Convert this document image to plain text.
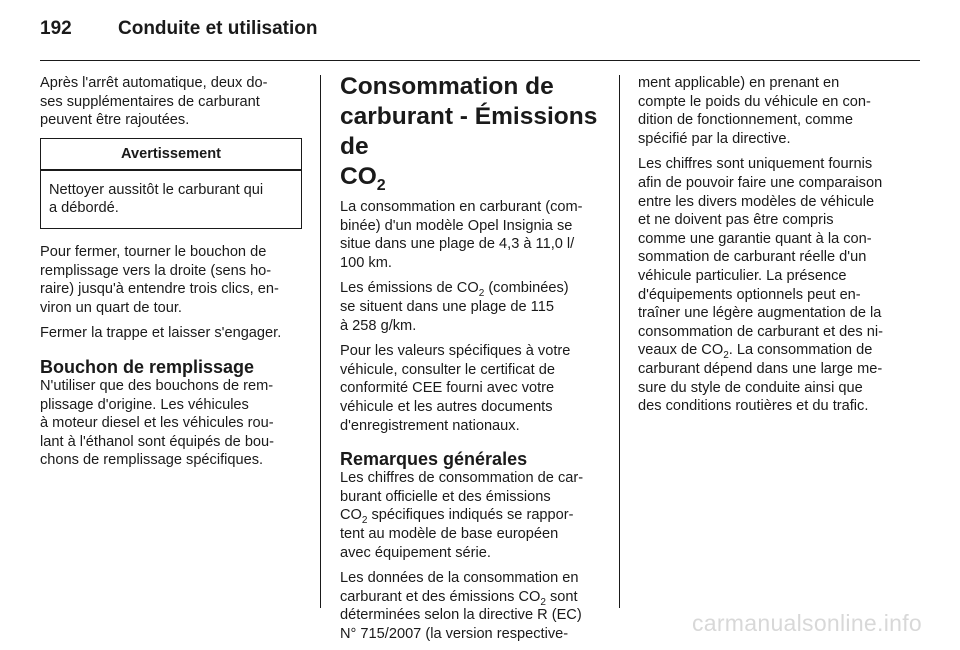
192 Conduite et utilisation

Après l'arrêt automatique, deux do-
ses supplémentaires de carburant
peuvent être rajoutées.

Avertissement
Nettoyer aussitôt le carburant qui
a débordé.

Pour fermer, tourner le bouchon de
remplissage vers la droite (sens ho-
raire) jusqu'à entendre trois clics, en-
viron un quart de tour.

Fermer la trappe et laisser s'engager.

Bouchon de remplissage

N'utiliser que des bouchons de rem-
plissage d'origine. Les véhicules
à moteur diesel et les véhicules rou-
lant à l'éthanol sont équipés de bou-
chons de remplissage spécifiques.

Consommation de
carburant - Émissions de
$CO_2$

La consommation en carburant (com-
binée) d'un modèle Opel Insignia se
situe dans une plage de 4,3 à 11,0 l/
100 km.

Les émissions de $CO_2$ (combinées)
se situent dans une plage de 115
à 258 g/km.

Pour les valeurs spécifiques à votre
véhicule, consulter le certificat de
conformité CEE fourni avec votre
véhicule et les autres documents
d'enregistrement nationaux.

Remarques générales

Les chiffres de consommation de car-
burant officielle et des émissions
$CO_2$ spécifiques indiqués se rappor-
tent au modèle de base européen
avec équipement série.

Les données de la consommation en
carburant et des émissions $CO_2$ sont
déterminées selon la directive R (EC)
N° 715/2007 (la version respective-

ment applicable) en prenant en
compte le poids du véhicule en con-
dition de fonctionnement, comme
spécifié par la directive.

Les chiffres sont uniquement fournis
afin de pouvoir faire une comparaison
entre les divers modèles de véhicule
et ne doivent pas être compris
comme une garantie quant à la con-
sommation de carburant réelle d'un
véhicule particulier. La présence
d'équipements optionnels peut en-
traîner une légère augmentation de la
consommation de carburant et des ni-
veaux de $CO_2$. La consommation de
carburant dépend dans une large me-
sure du style de conduite ainsi que
des conditions routières et du trafic.

carmanualsonline.info
